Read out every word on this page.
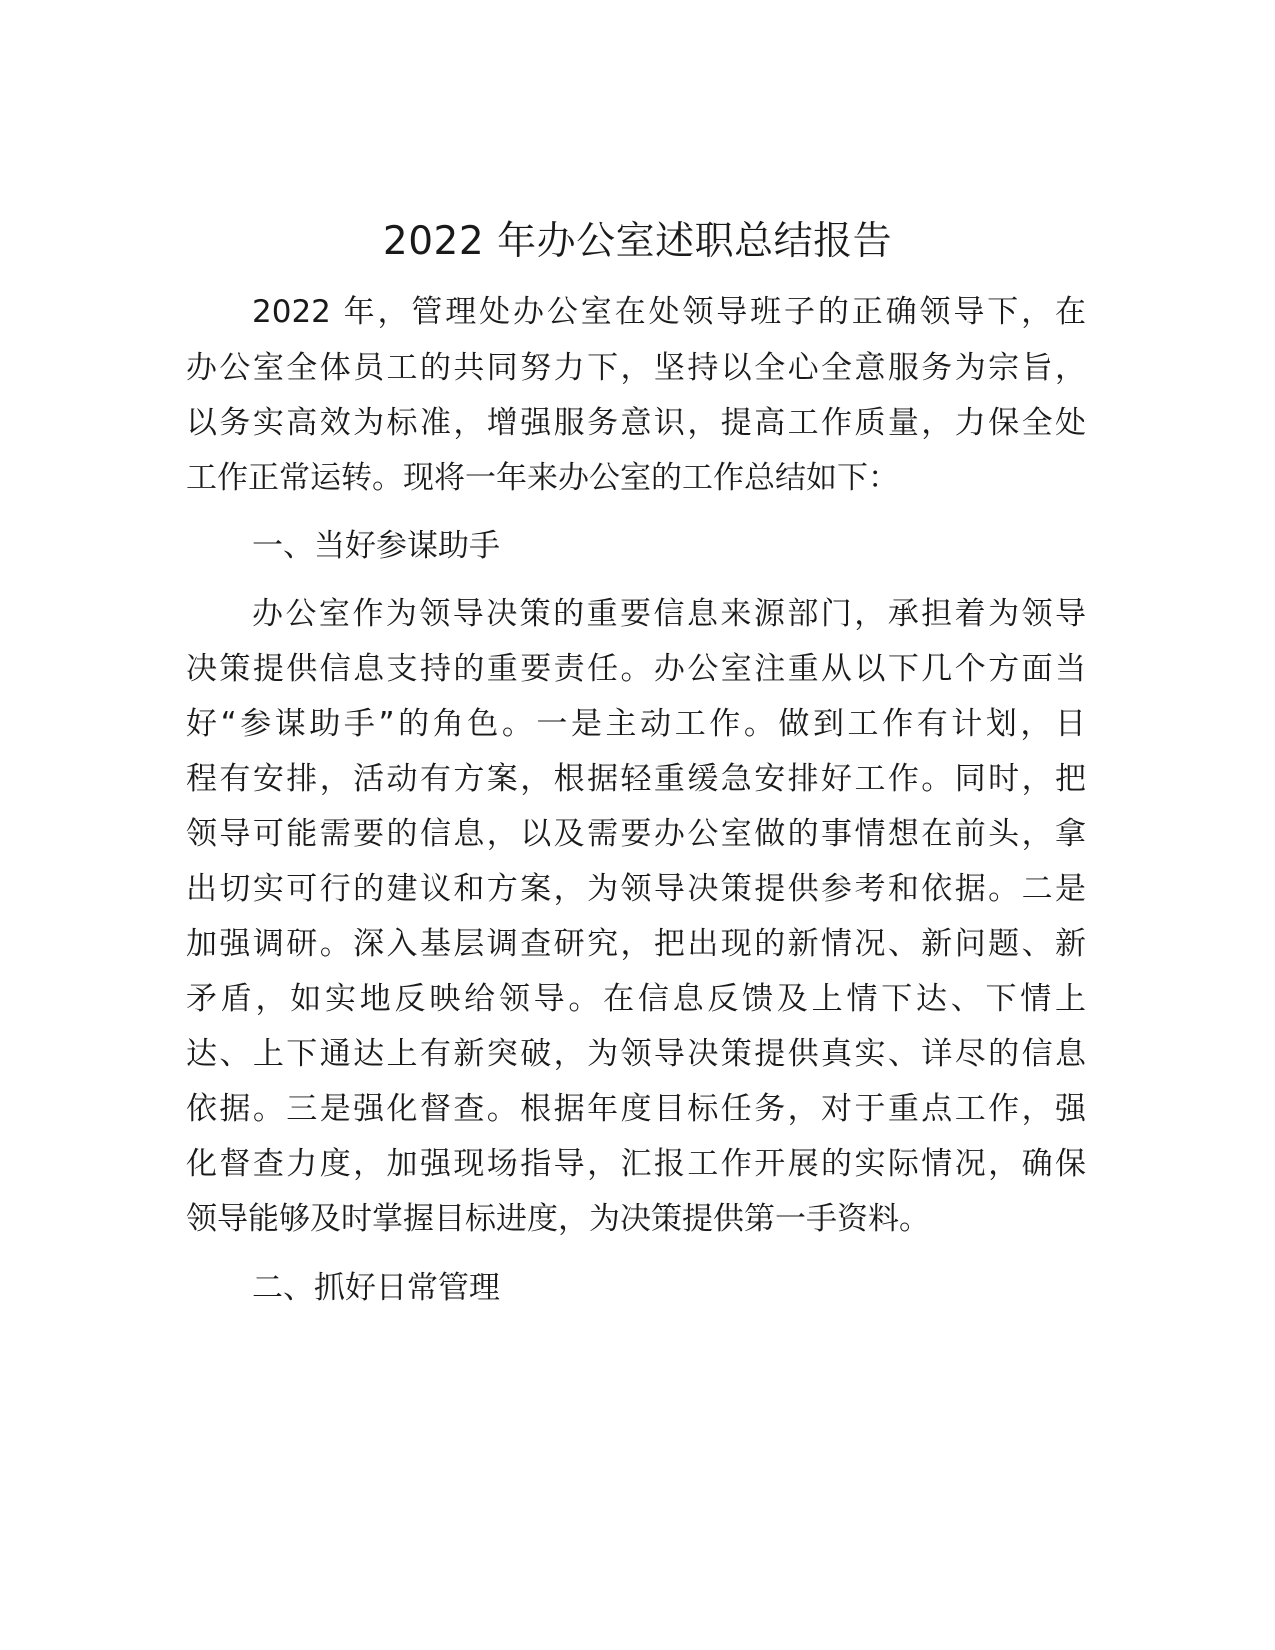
2022 年办公室述职总结报告

2022 年，管理处办公室在处领导班子的正确领导下，在

办公室全体员工的共同努力下，坚持以全心全意服务为宗旨，

以务实高效为标准，增强服务意识，提高工作质量，力保全处

工作正常运转。现将一年来办公室的工作总结如下：

一、当好参谋助手

办公室作为领导决策的重要信息来源部门，承担着为领导

决策提供信息支持的重要责任。办公室注重从以下几个方面当

好“参谋助手”的角色。一是主动工作。做到工作有计划，日

程有安排，活动有方案，根据轻重缓急安排好工作。同时，把

领导可能需要的信息，以及需要办公室做的事情想在前头，拿

出切实可行的建议和方案，为领导决策提供参考和依据。二是

加强调研。深入基层调查研究，把出现的新情况、新问题、新

矛盾，如实地反映给领导。在信息反馈及上情下达、下情上

达、上下通达上有新突破，为领导决策提供真实、详尽的信息

依据。三是强化督查。根据年度目标任务，对于重点工作，强

化督查力度，加强现场指导，汇报工作开展的实际情况，确保

领导能够及时掌握目标进度，为决策提供第一手资料。

二、抓好日常管理
